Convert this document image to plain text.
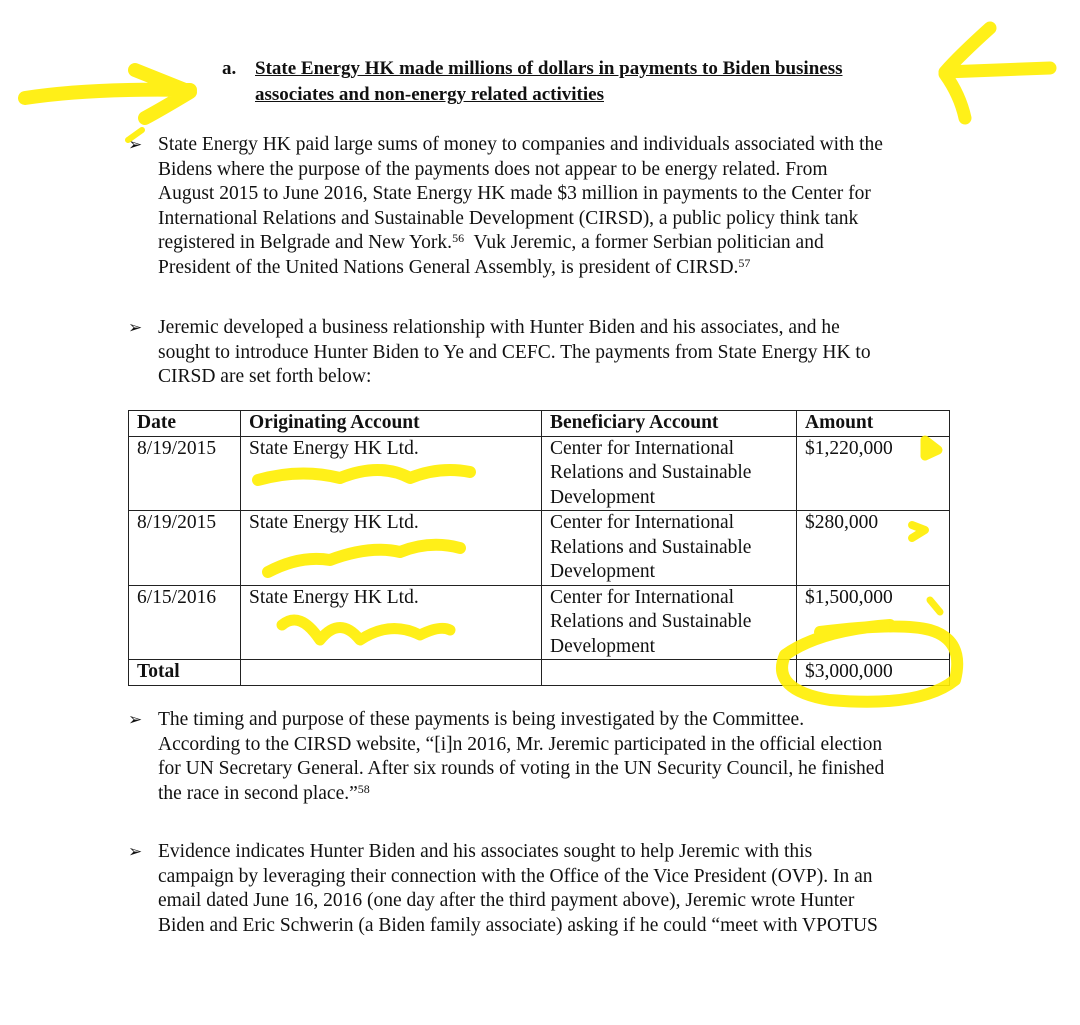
a. State Energy HK made millions of dollars in payments to Biden business
associates and non-energy related activities
➢ State Energy HK paid large sums of money to companies and individuals associated with the
Bidens where the purpose of the payments does not appear to be energy related. From
August 2015 to June 2016, State Energy HK made $3 million in payments to the Center for
International Relations and Sustainable Development (CIRSD), a public policy think tank
registered in Belgrade and New York.$^{56}$  Vuk Jeremic, a former Serbian politician and
President of the United Nations General Assembly, is president of CIRSD.$^{57}$
➢ Jeremic developed a business relationship with Hunter Biden and his associates, and he
sought to introduce Hunter Biden to Ye and CEFC. The payments from State Energy HK to
CIRSD are set forth below:
Date	Originating Account	Beneficiary Account	Amount
8/19/2015	State Energy HK Ltd.	Center for International Relations and Sustainable Development	$1,220,000
8/19/2015	State Energy HK Ltd.	Center for International Relations and Sustainable Development	$280,000
6/15/2016	State Energy HK Ltd.	Center for International Relations and Sustainable Development	$1,500,000
Total			$3,000,000
➢ The timing and purpose of these payments is being investigated by the Committee.
According to the CIRSD website, “[i]n 2016, Mr. Jeremic participated in the official election
for UN Secretary General. After six rounds of voting in the UN Security Council, he finished
the race in second place.”$^{58}$
➢ Evidence indicates Hunter Biden and his associates sought to help Jeremic with this
campaign by leveraging their connection with the Office of the Vice President (OVP). In an
email dated June 16, 2016 (one day after the third payment above), Jeremic wrote Hunter
Biden and Eric Schwerin (a Biden family associate) asking if he could “meet with VPOTUS
